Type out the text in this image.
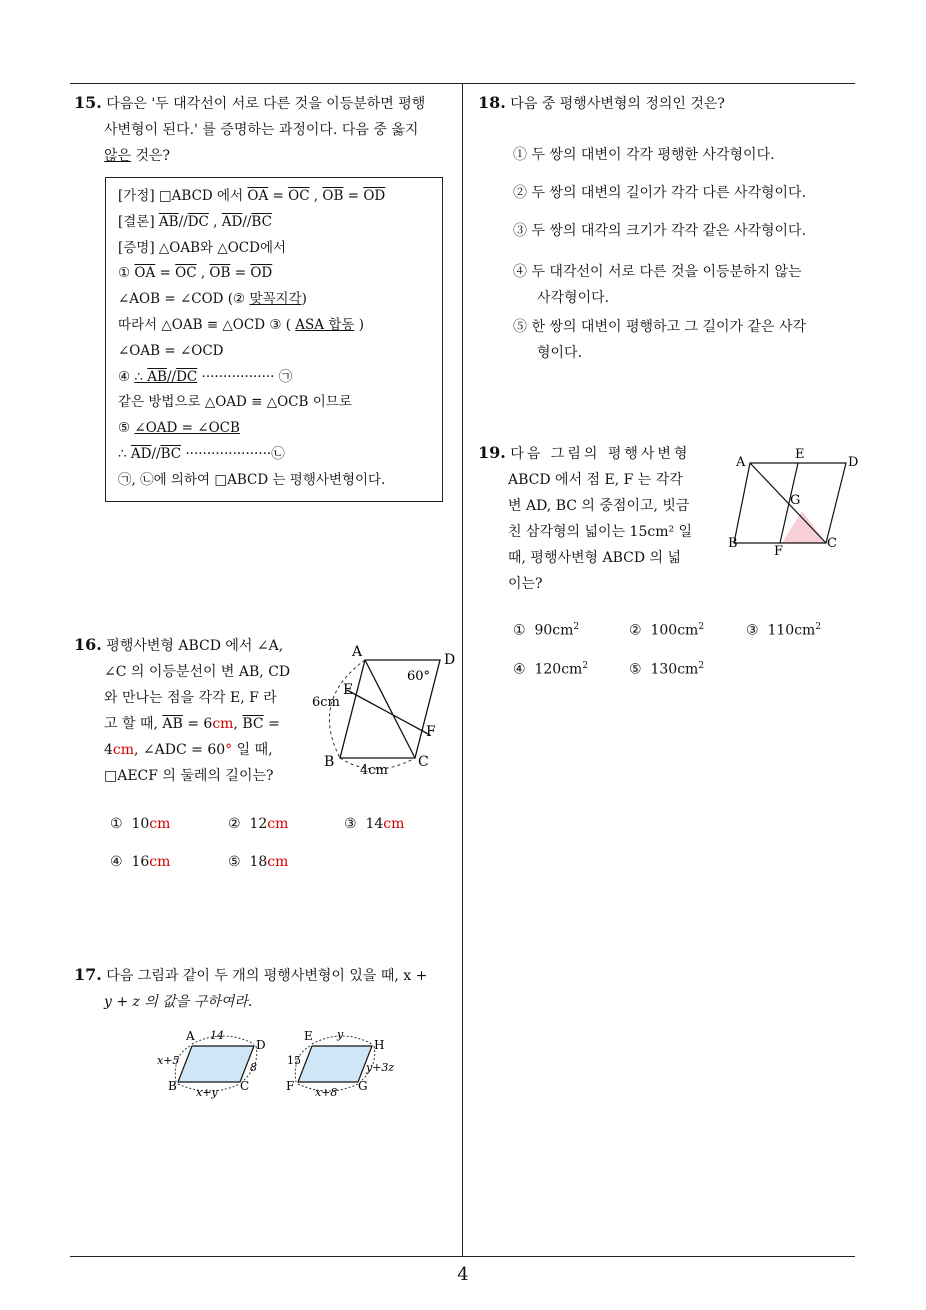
4
15. 다음은 '두 대각선이 서로 다른 것을 이등분하면 평행
사변형이 된다.' 를 증명하는 과정이다. 다음 중 옳지
않은 것은?
[가정] □ABCD 에서 $\overline{OA} = \overline{OC}$ , $\overline{OB} = \overline{OD}$
[결론] $\overline{AB}//\overline{DC}$ , $\overline{AD}//\overline{BC}$
[증명] △OAB와 △OCD에서
① $\overline{OA} = \overline{OC}$ , $\overline{OB} = \overline{OD}$
∠AOB = ∠COD (② 맞꼭지각)
따라서 △OAB ≡ △OCD ③ ( ASA 합동 )
∠OAB = ∠OCD
④ ∴ AB//DC ················· ㉠
같은 방법으로 △OAD ≡ △OCB 이므로
⑤ ∠OAD = ∠OCB
∴ $\overline{AD}//\overline{BC}$ ····················㉡
㉠, ㉡에 의하여 □ABCD 는 평행사변형이다.
16. 평행사변형 ABCD 에서 ∠A,
∠C 의 이등분선이 변 AB, CD
와 만나는 점을 각각 E, F 라
고 할 때, $\overline{AB} = 6cm$, $\overline{BC}$ =
4cm, ∠ADC = 60° 일 때,
□AECF 의 둘레의 길이는?
A	D
B	C
E
F
60°
6cm
4cm
① 10cm	② 12cm	③ 14cm
④ 16cm	⑤ 18cm
17. 다음 그림과 같이 두 개의 평행사변형이 있을 때, x +
y + z 의 값을 구하여라.
A
D
B	C
14
x+5
8
x+y
E
H
F	G
y
15
y+3z
x+8
18. 다음 중 평행사변형의 정의인 것은?
① 두 쌍의 대변이 각각 평행한 사각형이다.
② 두 쌍의 대변의 길이가 각각 다른 사각형이다.
③ 두 쌍의 대각의 크기가 각각 같은 사각형이다.
④ 두 대각선이 서로 다른 것을 이등분하지 않는
사각형이다.
⑤ 한 쌍의 대변이 평행하고 그 길이가 같은 사각
형이다.
19. 다음 그림의 평행사변형
ABCD 에서 점 E, F 는 각각
변 AD, BC 의 중점이고, 빗금
친 삼각형의 넓이는 15cm² 일
때, 평행사변형 ABCD 의 넓
이는?
A	D
B	C
E
F
G
① $90cm^2$	② $100cm^2$	③ $110cm^2$
④ $120cm^2$	⑤ $130cm^2$
